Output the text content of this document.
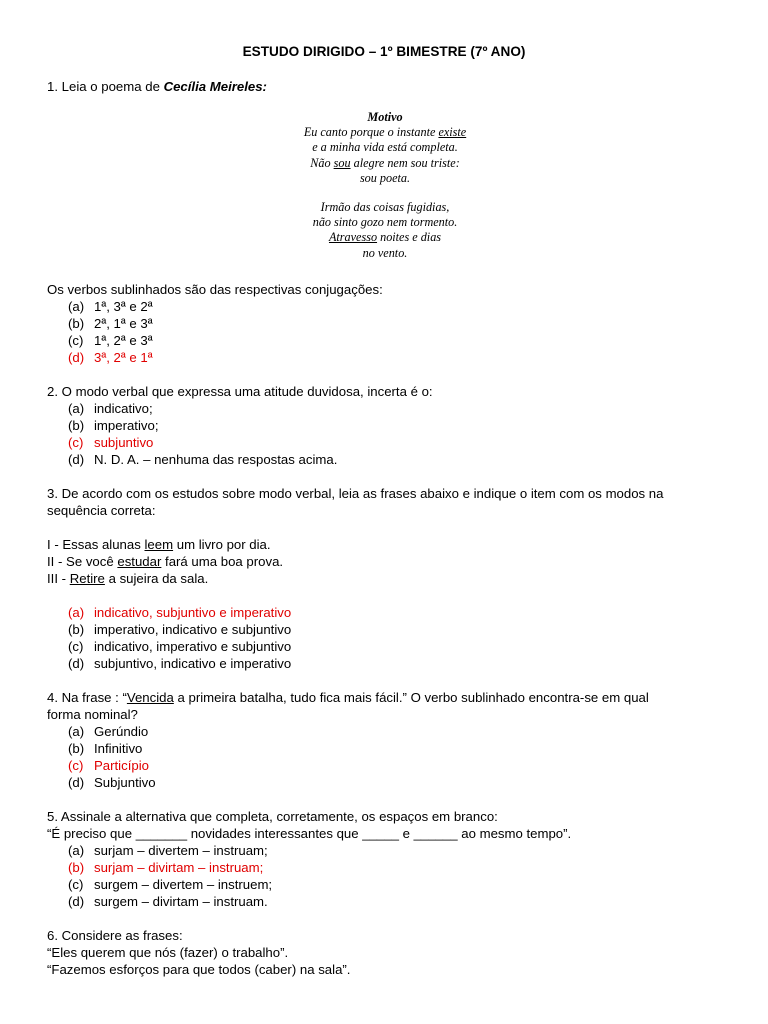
ESTUDO DIRIGIDO – 1º BIMESTRE (7º ANO)
1. Leia o poema de Cecília Meireles:
Motivo
Eu canto porque o instante existe
e a minha vida está completa.
Não sou alegre nem sou triste:
sou poeta.
Irmão das coisas fugidias,
não sinto gozo nem tormento.
Atravesso noites e dias
no vento.
Os verbos sublinhados são das respectivas conjugações:
(a) 1ª, 3ª e 2ª
(b) 2ª, 1ª e 3ª
(c) 1ª, 2ª e 3ª
(d) 3ª, 2ª e 1ª
2. O modo verbal que expressa uma atitude duvidosa, incerta é o:
(a) indicativo;
(b) imperativo;
(c) subjuntivo
(d) N. D. A. – nenhuma das respostas acima.
3. De acordo com os estudos sobre modo verbal, leia as frases abaixo e indique o item com os modos na
sequência correta:
I - Essas alunas leem um livro por dia.
II - Se você estudar fará uma boa prova.
III - Retire a sujeira da sala.
(a) indicativo, subjuntivo e imperativo
(b) imperativo, indicativo e subjuntivo
(c) indicativo, imperativo e subjuntivo
(d) subjuntivo, indicativo e imperativo
4. Na frase : “Vencida a primeira batalha, tudo fica mais fácil.” O verbo sublinhado encontra-se em qual
forma nominal?
(a) Gerúndio
(b) Infinitivo
(c) Particípio
(d) Subjuntivo
5. Assinale a alternativa que completa, corretamente, os espaços em branco:
“É preciso que _______ novidades interessantes que _____ e ______ ao mesmo tempo”.
(a) surjam – divertem – instruam;
(b) surjam – divirtam – instruam;
(c) surgem – divertem – instruem;
(d) surgem – divirtam – instruam.
6. Considere as frases:
“Eles querem que nós (fazer) o trabalho”.
“Fazemos esforços para que todos (caber) na sala”.
